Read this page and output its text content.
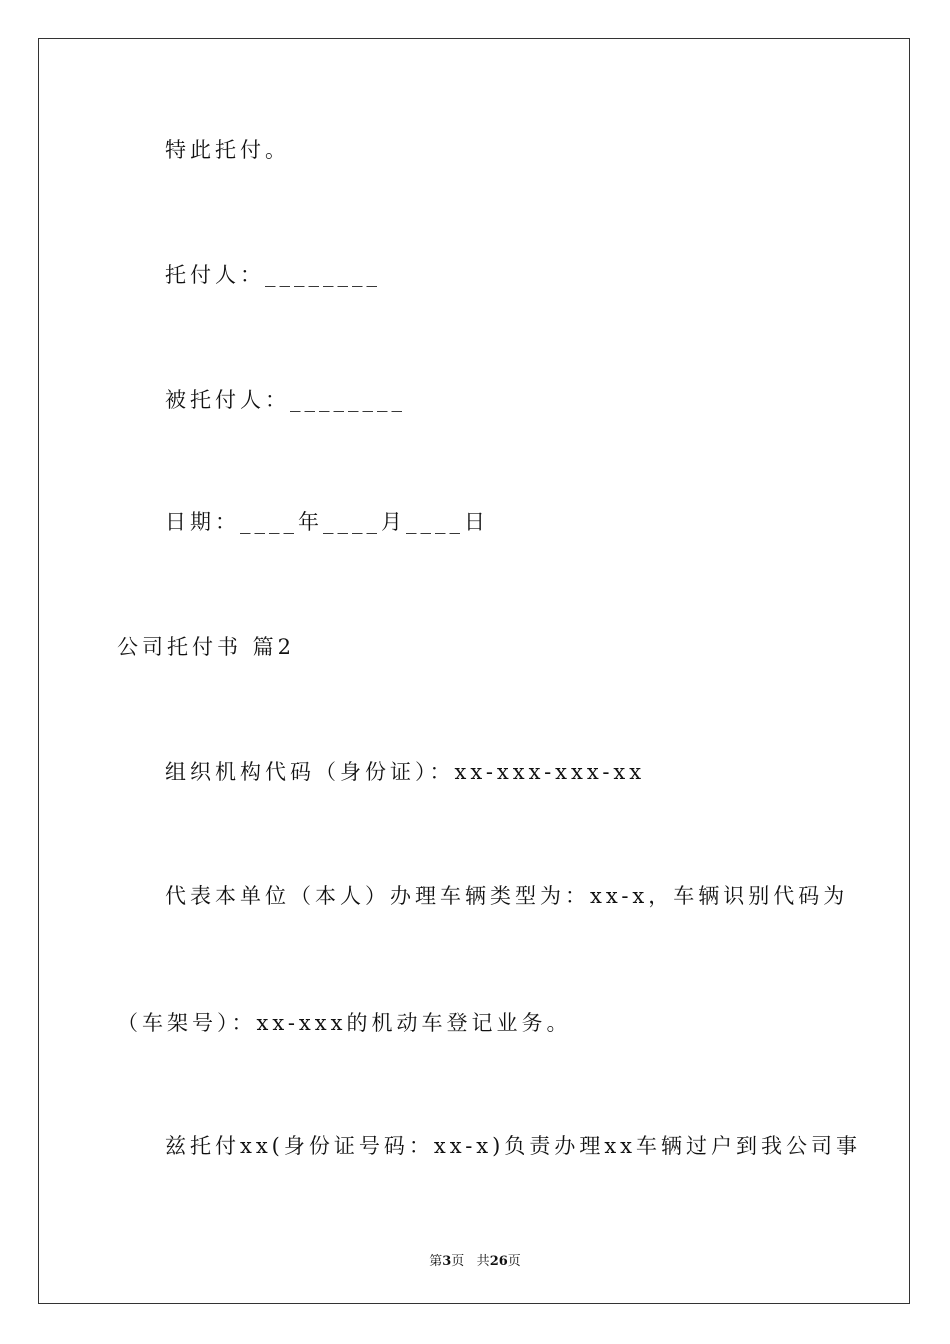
特此托付。
托付人：________
被托付人：________
日期：____年____月____日
公司托付书 篇2
组织机构代码（身份证）：xx-xxx-xxx-xx
代表本单位（本人）办理车辆类型为：xx-x，车辆识别代码为
（车架号）：xx-xxx的机动车登记业务。
兹托付xx(身份证号码：xx-x)负责办理xx车辆过户到我公司事
第3页 共26页
